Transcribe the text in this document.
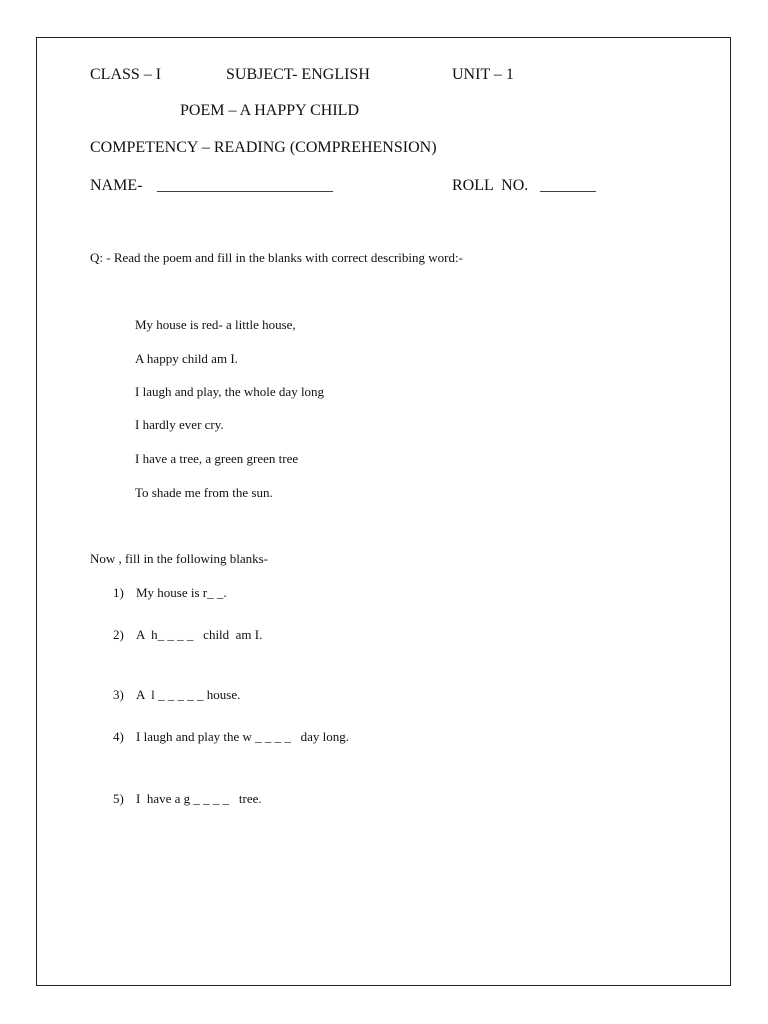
CLASS – I	SUBJECT- ENGLISH	UNIT – 1
POEM – A HAPPY CHILD
COMPETENCY – READING (COMPREHENSION)
NAME- ______________________	ROLL  NO. _______
Q: - Read the poem and fill in the blanks with correct describing word:-
My house is red- a little house,
A happy child am I.
I laugh and play, the whole day long
I hardly ever cry.
I have a tree, a green green tree
To shade me from the sun.
Now , fill in the following blanks-
1) My house is r_ _.
2) A  h_ _ _ _   child  am I.
3) A  l _ _ _ _ _ house.
4) I laugh and play the w _ _ _ _   day long.
5) I  have a g _ _ _ _   tree.
